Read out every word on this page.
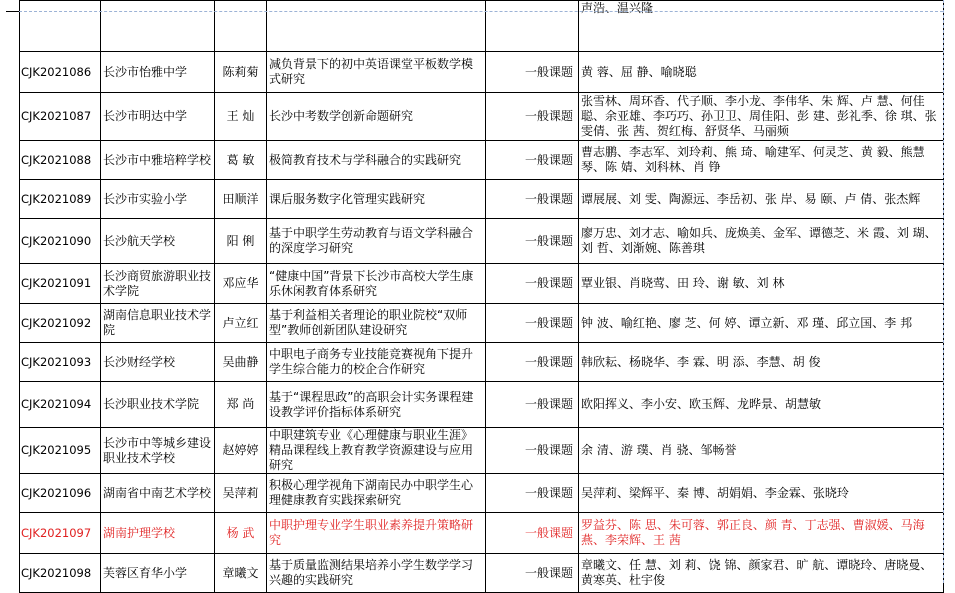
					声浩、温兴隆
CJK2021086	长沙市怡雅中学	陈莉菊	减负背景下的初中英语课堂平板数学模式研究	一般课题	黄 蓉、屈 静、喻晓聪
CJK2021087	长沙市明达中学	王 灿	长沙中考数学创新命题研究	一般课题	张雪林、周环香、代子顺、李小龙、李伟华、朱 辉、卢 慧、何佳聪、余亚雄、李巧巧、孙卫卫、周佳阳、彭 建、彭礼季、徐 琪、张雯倩、张 茜、贺红梅、舒贤华、马丽频
CJK2021088	长沙市中雅培粹学校	葛 敏	极简教育技术与学科融合的实践研究	一般课题	曹志鹏、李志军、刘玲莉、熊 琦、喻建军、何灵芝、黄 毅、熊慧琴、陈 婧、刘科林、肖 铮
CJK2021089	长沙市实验小学	田顺洋	课后服务数字化管理实践研究	一般课题	谭展展、刘 雯、陶源远、李岳初、张 岸、易 颐、卢 倩、张杰辉
CJK2021090	长沙航天学校	阳 俐	基于中职学生劳动教育与语文学科融合的深度学习研究	一般课题	廖万忠、刘才志、喻如兵、庞焕美、金军、谭德芝、米 霞、刘 瑚、刘 哲、刘渐婉、陈善琪
CJK2021091	长沙商贸旅游职业技术学院	邓应华	“健康中国”背景下长沙市高校大学生康乐休闲教育体系研究	一般课题	覃业银、肖晓莺、田 玲、谢 敏、刘 林
CJK2021092	湖南信息职业技术学院	卢立红	基于利益相关者理论的职业院校“双师型”教师创新团队建设研究	一般课题	钟 波、喻红艳、廖 芝、何 婷、谭立新、邓 瑾、邱立国、李 邦
CJK2021093	长沙财经学校	吴曲静	中职电子商务专业技能竞赛视角下提升学生综合能力的校企合作研究	一般课题	韩欣耘、杨晓华、李 霖、明 添、李慧、胡 俊
CJK2021094	长沙职业技术学院	郑 尚	基于“课程思政”的高职会计实务课程建设教学评价指标体系研究	一般课题	欧阳挥义、李小安、欧玉辉、龙晔景、胡慧敏
CJK2021095	长沙市中等城乡建设职业技术学校	赵婷婷	中职建筑专业《心理健康与职业生涯》精品课程线上教育教学资源建设与应用研究	一般课题	余 清、游 璞、肖 骁、邹畅誉
CJK2021096	湖南省中南艺术学校	吴萍莉	积极心理学视角下湖南民办中职学生心理健康教育实践探索研究	一般课题	吴萍莉、梁辉平、秦 博、胡娟娟、李金霖、张晓玲
CJK2021097	湖南护理学校	杨 武	中职护理专业学生职业素养提升策略研究	一般课题	罗益芬、陈 思、朱可蓉、郭正良、颜 青、丁志强、曹淑媛、马海燕、李荣辉、王 茜
CJK2021098	芙蓉区育华小学	章曦文	基于质量监测结果培养小学生数学学习兴趣的实践研究	一般课题	章曦文、任 慧、刘 莉、饶 锦、颜家君、旷 航、谭晓玲、唐晓曼、黄寒英、杜宇俊
